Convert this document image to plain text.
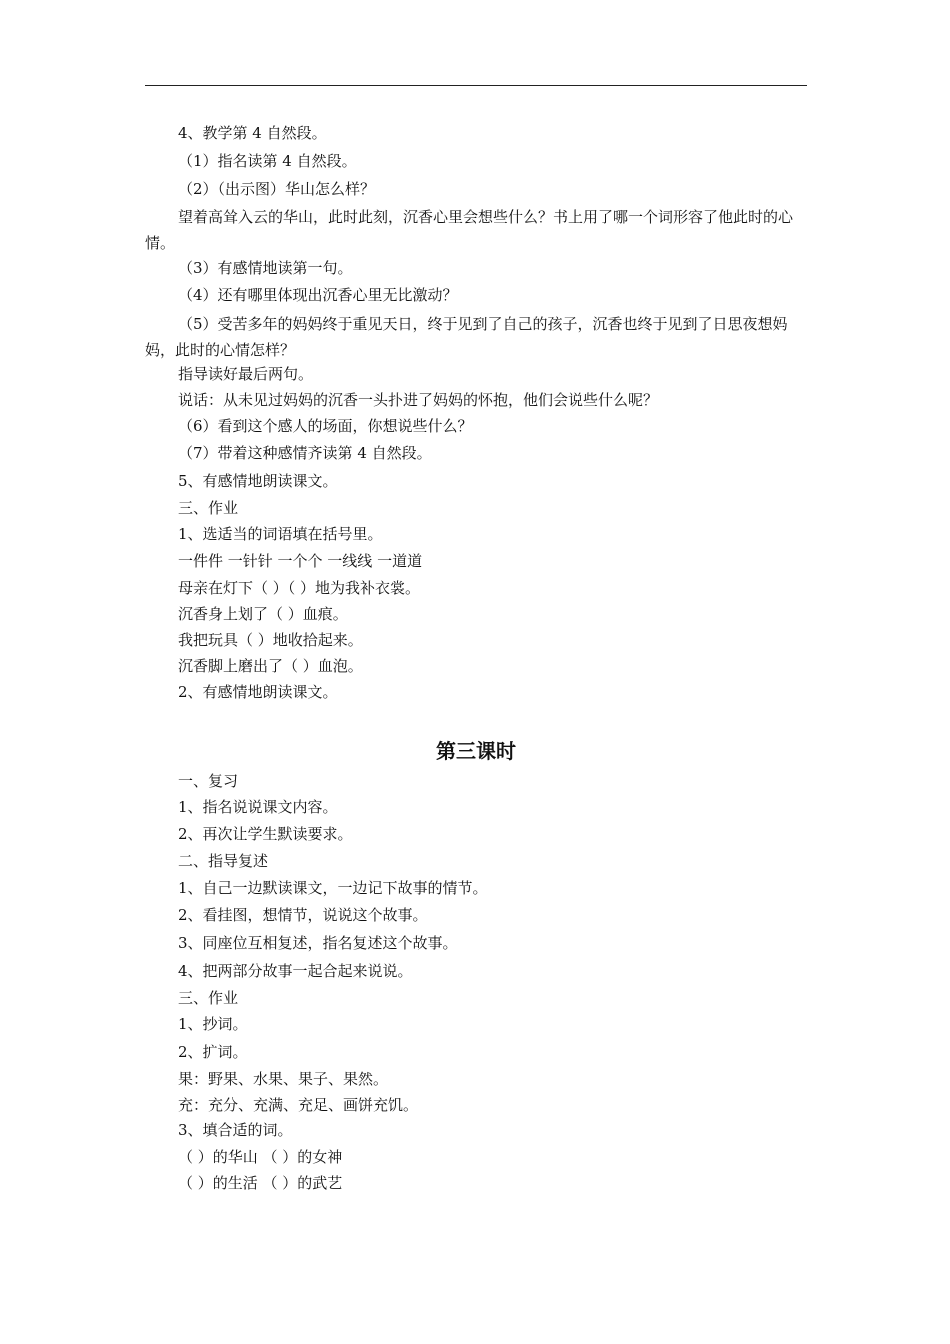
4、教学第 4 自然段。
（1）指名读第 4 自然段。
（2）（出示图）华山怎么样？
望着高耸入云的华山，此时此刻，沉香心里会想些什么？书上用了哪一个词形容了他此时的心情。
（3）有感情地读第一句。
（4）还有哪里体现出沉香心里无比激动？
（5）受苦多年的妈妈终于重见天日，终于见到了自己的孩子，沉香也终于见到了日思夜想妈妈，此时的心情怎样？
指导读好最后两句。
说话：从未见过妈妈的沉香一头扑进了妈妈的怀抱，他们会说些什么呢？
（6）看到这个感人的场面，你想说些什么？
（7）带着这种感情齐读第 4 自然段。
5、有感情地朗读课文。
三、作业
1、选适当的词语填在括号里。
一件件 一针针 一个个 一线线 一道道
母亲在灯下（ ）（ ）地为我补衣裳。
沉香身上划了（ ）血痕。
我把玩具（ ）地收拾起来。
沉香脚上磨出了（ ）血泡。
2、有感情地朗读课文。
第三课时
一、复习
1、指名说说课文内容。
2、再次让学生默读要求。
二、指导复述
1、自己一边默读课文，一边记下故事的情节。
2、看挂图，想情节，说说这个故事。
3、同座位互相复述，指名复述这个故事。
4、把两部分故事一起合起来说说。
三、作业
1、抄词。
2、扩词。
果：野果、水果、果子、果然。
充：充分、充满、充足、画饼充饥。
3、填合适的词。
（ ）的华山 （ ）的女神
（ ）的生活 （ ）的武艺
